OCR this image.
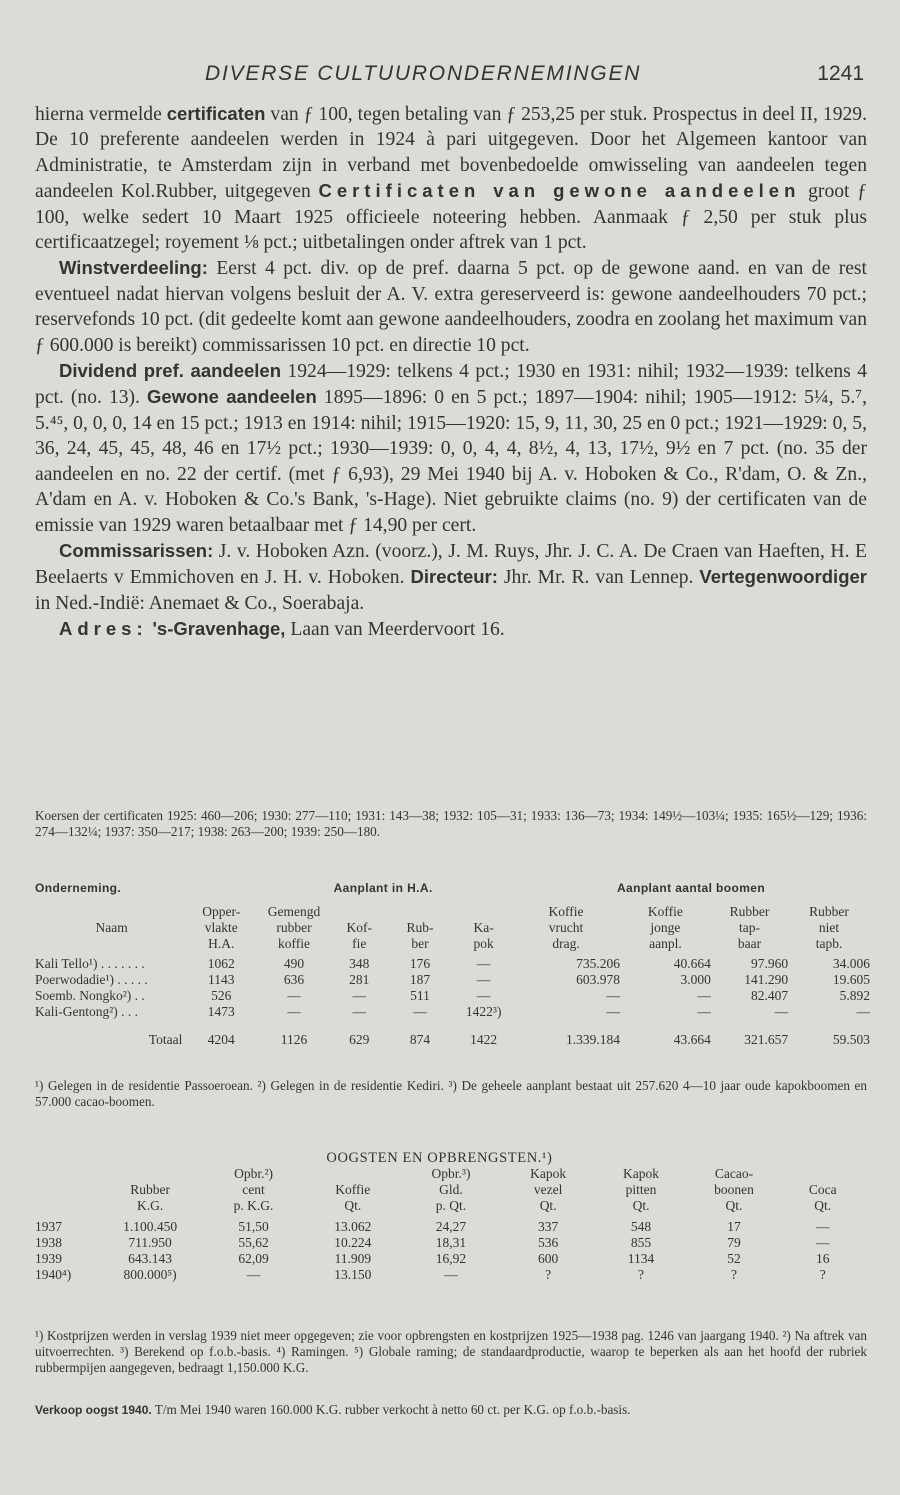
DIVERSE CULTUURONDERNEMINGEN	1241

hierna vermelde certificaten van ƒ 100, tegen betaling van ƒ 253,25 per stuk. Prospectus in deel II, 1929. De 10 preferente aandeelen werden in 1924 à pari uitgegeven. Door het Algemeen kantoor van Administratie, te Amsterdam zijn in verband met bovenbedoelde omwisseling van aandeelen tegen aandeelen Kol.Rubber, uitgegeven Certificaten van gewone aandeelen groot ƒ 100, welke sedert 10 Maart 1925 officieele noteering hebben. Aanmaak ƒ 2,50 per stuk plus certificaatzegel; royement ⅛ pct.; uitbetalingen onder aftrek van 1 pct.

Winstverdeeling: Eerst 4 pct. div. op de pref. daarna 5 pct. op de gewone aand. en van de rest eventueel nadat hiervan volgens besluit der A. V. extra gereserveerd is: gewone aandeelhouders 70 pct.; reservefonds 10 pct. (dit gedeelte komt aan gewone aandeelhouders, zoodra en zoolang het maximum van ƒ 600.000 is bereikt) commissarissen 10 pct. en directie 10 pct.

Dividend pref. aandeelen 1924—1929: telkens 4 pct.; 1930 en 1931: nihil; 1932—1939: telkens 4 pct. (no. 13). Gewone aandeelen 1895—1896: 0 en 5 pct.; 1897—1904: nihil; 1905—1912: 5¼, 5.⁷, 5.⁴⁵, 0, 0, 0, 14 en 15 pct.; 1913 en 1914: nihil; 1915—1920: 15, 9, 11, 30, 25 en 0 pct.; 1921—1929: 0, 5, 36, 24, 45, 45, 48, 46 en 17½ pct.; 1930—1939: 0, 0, 4, 4, 8½, 4, 13, 17½, 9½ en 7 pct. (no. 35 der aandeelen en no. 22 der certif. (met ƒ 6,93), 29 Mei 1940 bij A. v. Hoboken & Co., R'dam, O. & Zn., A'dam en A. v. Hoboken & Co.'s Bank, 's-Hage). Niet gebruikte claims (no. 9) der certificaten van de emissie van 1929 waren betaalbaar met ƒ 14,90 per cert.

Commissarissen: J. v. Hoboken Azn. (voorz.), J. M. Ruys, Jhr. J. C. A. De Craen van Haeften, H. E Beelaerts v Emmichoven en J. H. v. Hoboken. Directeur: Jhr. Mr. R. van Lennep. Vertegenwoordiger in Ned.-Indië: Anemaet & Co., Soerabaja.

Adres: 's-Gravenhage, Laan van Meerdervoort 16.

Koersen der certificaten 1925: 460—206; 1930: 277—110; 1931: 143—38; 1932: 105—31; 1933: 136—73; 1934: 149½—103¼; 1935: 165½—129; 1936: 274—132¼; 1937: 350—217; 1938: 263—200; 1939: 250—180.

Onderneming.		Aanplant in H.A.				Aanplant aantal boomen			

	Opper-	Gemengd				Koffie	Koffie	Rubber	Rubber
Naam	vlakte	rubber	Kof-	Rub-	Ka-	vrucht	jonge	tap-	niet
	H.A.	koffie	fie	ber	pok	drag.	aanpl.	baar	tapb.

Kali Tello¹) . . . . . . .	1062	490	348	176	—	735.206	40.664	97.960	34.006
Poerwodadie¹) . . . . .	1143	636	281	187	—	603.978	3.000	141.290	19.605
Soemb. Nongko²) . .	526	—	—	511	—	—	—	82.407	5.892
Kali-Gentong²) . . .	1473	—	—	—	1422³)	—	—	—	—

Totaal	4204	1126	629	874	1422	1.339.184	43.664	321.657	59.503

¹) Gelegen in de residentie Passoeroean. ²) Gelegen in de residentie Kediri. ³) De geheele aanplant bestaat uit 257.620 4—10 jaar oude kapokboomen en 57.000 cacao-boomen.

	OOGSTEN EN OPBRENGSTEN.¹)							
		Opbr.²)		Opbr.³)	Kapok	Kapok	Cacao-	
	Rubber	cent	Koffie	Gld.	vezel	pitten	boonen	Coca
	K.G.	p. K.G.	Qt.	p. Qt.	Qt.	Qt.	Qt.	Qt.

1937	1.100.450	51,50	13.062	24,27	337	548	17	—
1938	711.950	55,62	10.224	18,31	536	855	79	—
1939	643.143	62,09	11.909	16,92	600	1134	52	16
1940⁴)	800.000⁵)	—	13.150	—	?	?	?	?

¹) Kostprijzen werden in verslag 1939 niet meer opgegeven; zie voor opbrengsten en kostprijzen 1925—1938 pag. 1246 van jaargang 1940. ²) Na aftrek van uitvoerrechten. ³) Berekend op f.o.b.-basis. ⁴) Ramingen. ⁵) Globale raming; de standaardproductie, waarop te beperken als aan het hoofd der rubriek rubbermpijen aangegeven, bedraagt 1,150.000 K.G.

Verkoop oogst 1940. T/m Mei 1940 waren 160.000 K.G. rubber verkocht à netto 60 ct. per K.G. op f.o.b.-basis.
